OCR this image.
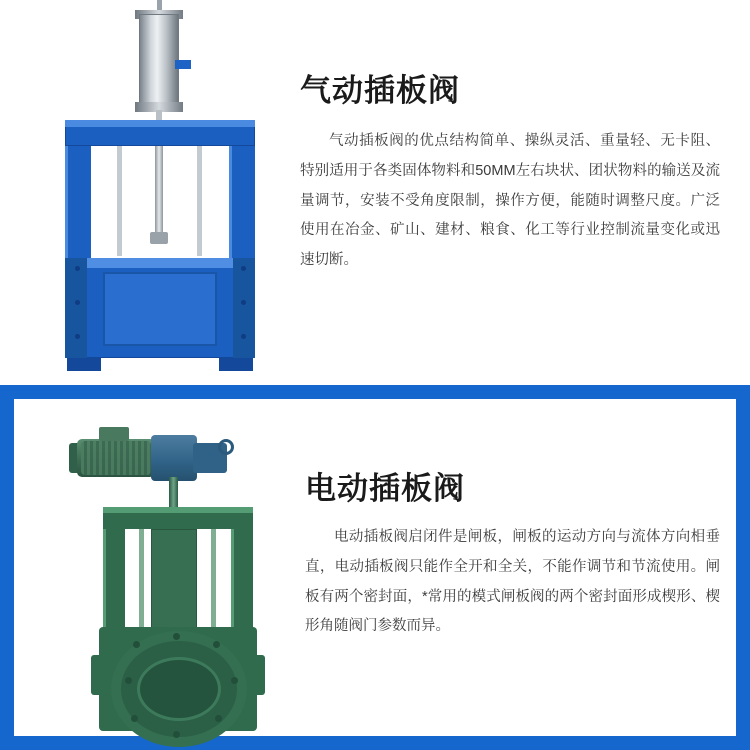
气动插板阀
气动插板阀的优点结构简单、操纵灵活、重量轻、无卡阻、特别适用于各类固体物料和50MM左右块状、团状物料的输送及流量调节，安装不受角度限制，操作方便，能随时调整尺度。广泛使用在冶金、矿山、建材、粮食、化工等行业控制流量变化或迅速切断。
电动插板阀
电动插板阀启闭件是闸板，闸板的运动方向与流体方向相垂直，电动插板阀只能作全开和全关，不能作调节和节流使用。闸板有两个密封面，*常用的模式闸板阀的两个密封面形成楔形、楔形角随阀门参数而异。
